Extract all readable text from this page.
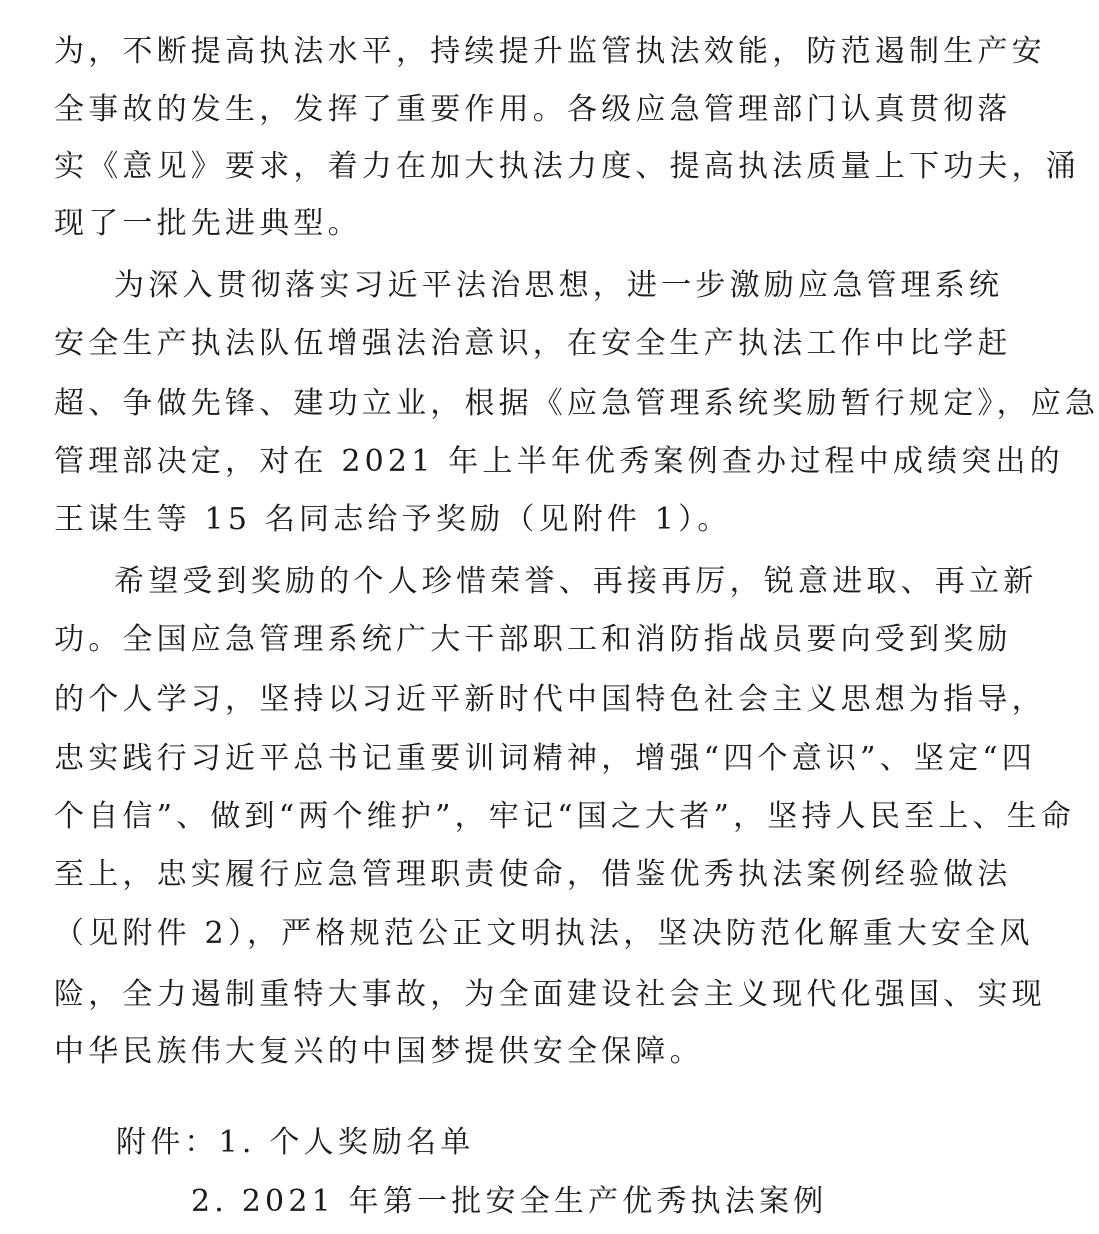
为，不断提高执法水平，持续提升监管执法效能，防范遏制生产安
全事故的发生，发挥了重要作用。各级应急管理部门认真贯彻落
实《意见》要求，着力在加大执法力度、提高执法质量上下功夫，涌
现了一批先进典型。
为深入贯彻落实习近平法治思想，进一步激励应急管理系统
安全生产执法队伍增强法治意识，在安全生产执法工作中比学赶
超、争做先锋、建功立业，根据《应急管理系统奖励暂行规定》，应急
管理部决定，对在 2021 年上半年优秀案例查办过程中成绩突出的
王谋生等 15 名同志给予奖励（见附件 1）。
希望受到奖励的个人珍惜荣誉、再接再厉，锐意进取、再立新
功。全国应急管理系统广大干部职工和消防指战员要向受到奖励
的个人学习，坚持以习近平新时代中国特色社会主义思想为指导，
忠实践行习近平总书记重要训词精神，增强“四个意识”、坚定“四
个自信”、做到“两个维护”，牢记“国之大者”，坚持人民至上、生命
至上，忠实履行应急管理职责使命，借鉴优秀执法案例经验做法
（见附件 2），严格规范公正文明执法，坚决防范化解重大安全风
险，全力遏制重特大事故，为全面建设社会主义现代化强国、实现
中华民族伟大复兴的中国梦提供安全保障。
附件：1. 个人奖励名单
2. 2021 年第一批安全生产优秀执法案例
